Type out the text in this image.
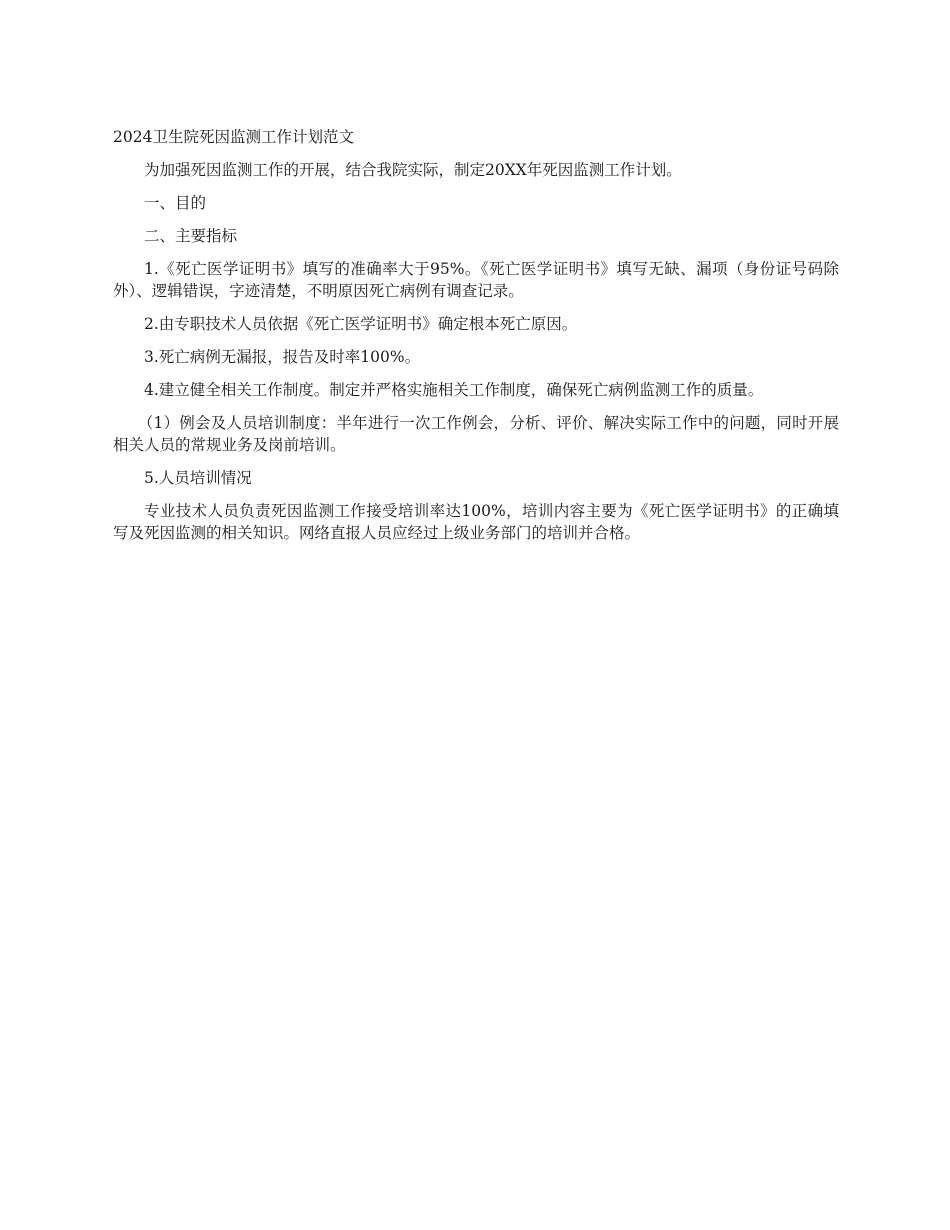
2024卫生院死因监测工作计划范文

为加强死因监测工作的开展，结合我院实际，制定20XX年死因监测工作计划。

一、目的

二、主要指标

1.《死亡医学证明书》填写的准确率大于95%。《死亡医学证明书》填写无缺、漏项（身份证号码除外）、逻辑错误，字迹清楚，不明原因死亡病例有调查记录。

2.由专职技术人员依据《死亡医学证明书》确定根本死亡原因。

3.死亡病例无漏报，报告及时率100%。

4.建立健全相关工作制度。制定并严格实施相关工作制度，确保死亡病例监测工作的质量。

（1）例会及人员培训制度：半年进行一次工作例会，分析、评价、解决实际工作中的问题，同时开展相关人员的常规业务及岗前培训。

5.人员培训情况

专业技术人员负责死因监测工作接受培训率达100%，培训内容主要为《死亡医学证明书》的正确填写及死因监测的相关知识。网络直报人员应经过上级业务部门的培训并合格。
